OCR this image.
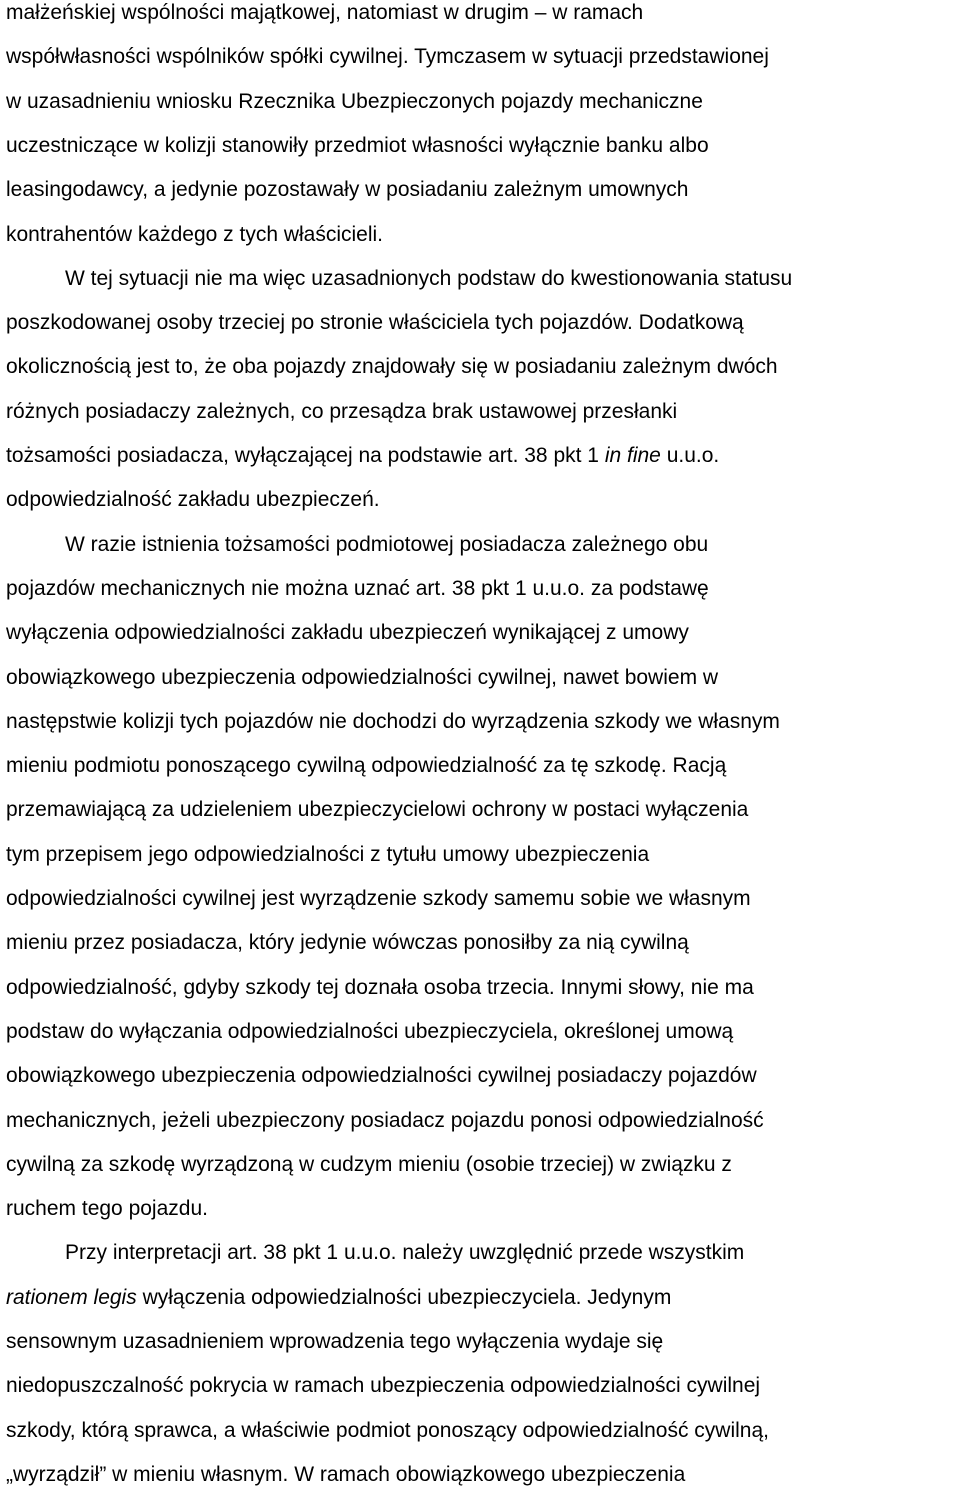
małżeńskiej wspólności majątkowej, natomiast w drugim – w ramach
współwłasności wspólników spółki cywilnej. Tymczasem w sytuacji przedstawionej
w uzasadnieniu wniosku Rzecznika Ubezpieczonych pojazdy mechaniczne
uczestniczące w kolizji stanowiły przedmiot własności wyłącznie banku albo
leasingodawcy, a jedynie pozostawały w posiadaniu zależnym umownych
kontrahentów każdego z tych właścicieli.
W tej sytuacji nie ma więc uzasadnionych podstaw do kwestionowania statusu
poszkodowanej osoby trzeciej po stronie właściciela tych pojazdów. Dodatkową
okolicznością jest to, że oba pojazdy znajdowały się w posiadaniu zależnym dwóch
różnych posiadaczy zależnych, co przesądza brak ustawowej przesłanki
tożsamości posiadacza, wyłączającej na podstawie art. 38 pkt 1 in fine u.u.o.
odpowiedzialność zakładu ubezpieczeń.
W razie istnienia tożsamości podmiotowej posiadacza zależnego obu
pojazdów mechanicznych nie można uznać art. 38 pkt 1 u.u.o. za podstawę
wyłączenia odpowiedzialności zakładu ubezpieczeń wynikającej z umowy
obowiązkowego ubezpieczenia odpowiedzialności cywilnej, nawet bowiem w
następstwie kolizji tych pojazdów nie dochodzi do wyrządzenia szkody we własnym
mieniu podmiotu ponoszącego cywilną odpowiedzialność za tę szkodę. Racją
przemawiającą za udzieleniem ubezpieczycielowi ochrony w postaci wyłączenia
tym przepisem jego odpowiedzialności z tytułu umowy ubezpieczenia
odpowiedzialności cywilnej jest wyrządzenie szkody samemu sobie we własnym
mieniu przez posiadacza, który jedynie wówczas ponosiłby za nią cywilną
odpowiedzialność, gdyby szkody tej doznała osoba trzecia. Innymi słowy, nie ma
podstaw do wyłączania odpowiedzialności ubezpieczyciela, określonej umową
obowiązkowego ubezpieczenia odpowiedzialności cywilnej posiadaczy pojazdów
mechanicznych, jeżeli ubezpieczony posiadacz pojazdu ponosi odpowiedzialność
cywilną za szkodę wyrządzoną w cudzym mieniu (osobie trzeciej) w związku z
ruchem tego pojazdu.
Przy interpretacji art. 38 pkt 1 u.u.o. należy uwzględnić przede wszystkim
rationem legis wyłączenia odpowiedzialności ubezpieczyciela. Jedynym
sensownym uzasadnieniem wprowadzenia tego wyłączenia wydaje się
niedopuszczalność pokrycia w ramach ubezpieczenia odpowiedzialności cywilnej
szkody, którą sprawca, a właściwie podmiot ponoszący odpowiedzialność cywilną,
„wyrządził” w mieniu własnym. W ramach obowiązkowego ubezpieczenia
